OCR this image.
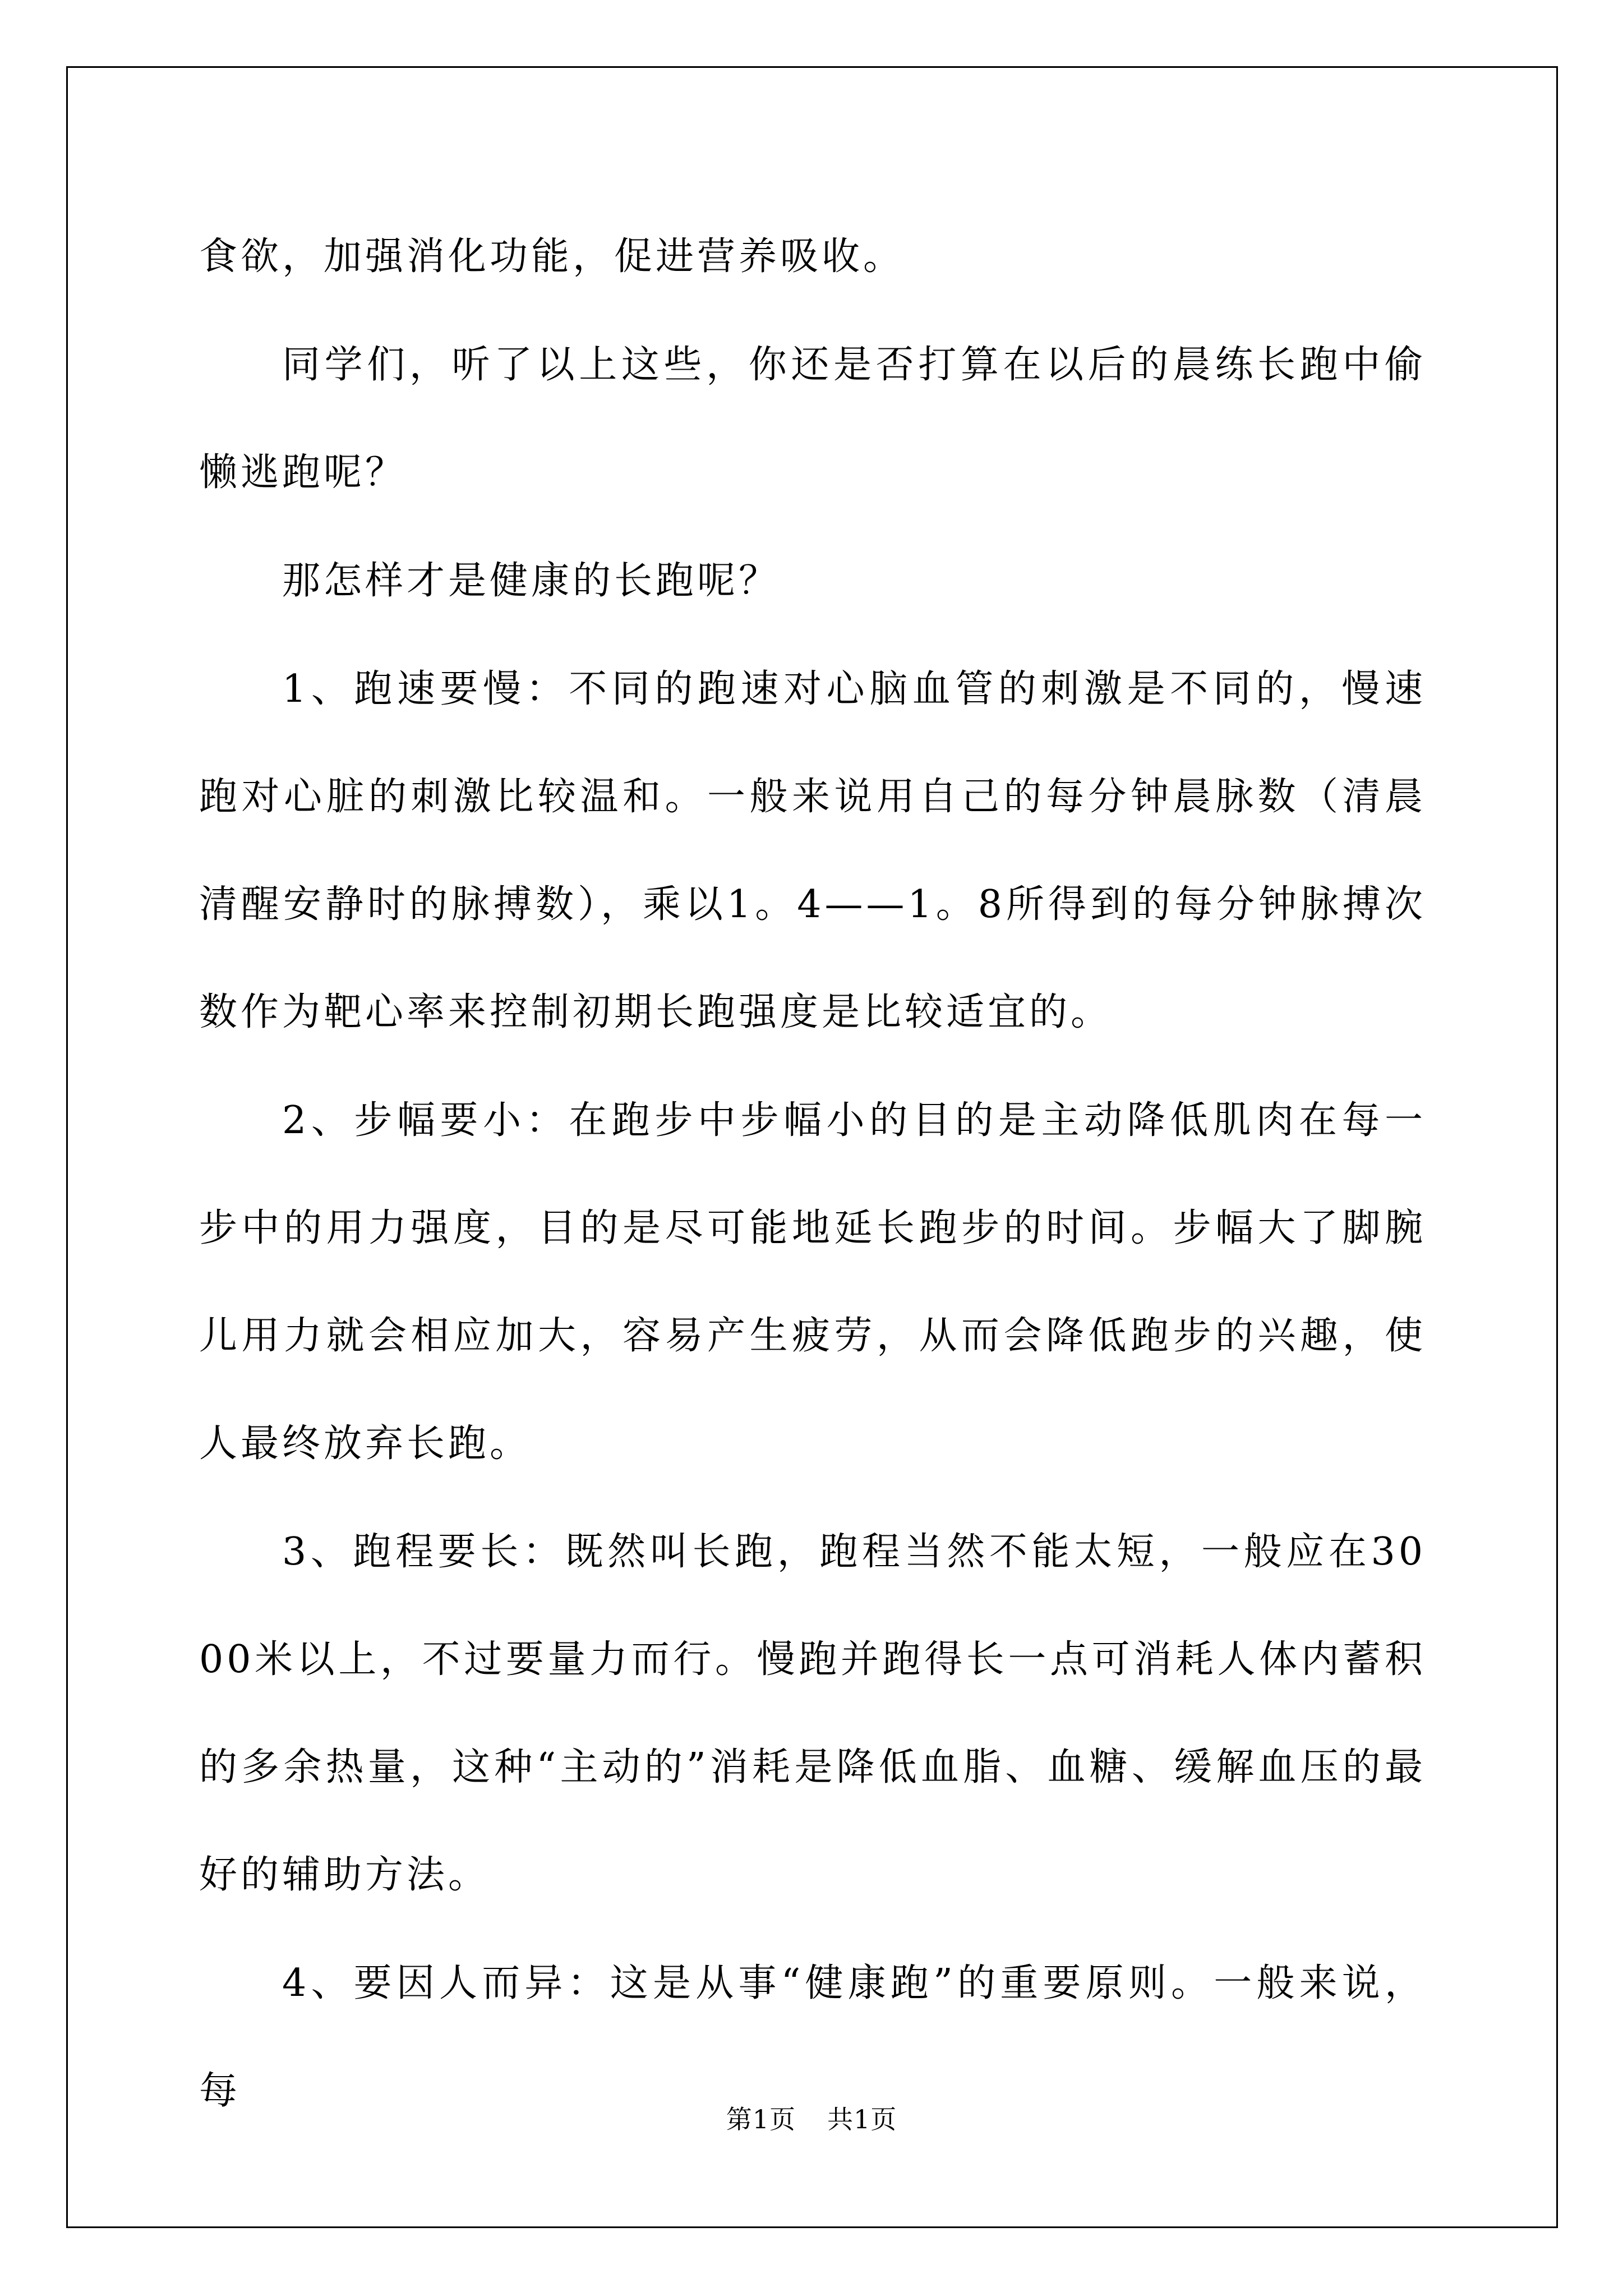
食欲，加强消化功能，促进营养吸收。

同学们，听了以上这些，你还是否打算在以后的晨练长跑中偷懒逃跑呢？

那怎样才是健康的长跑呢？

1、跑速要慢：不同的跑速对心脑血管的刺激是不同的，慢速跑对心脏的刺激比较温和。一般来说用自己的每分钟晨脉数（清晨清醒安静时的脉搏数），乘以1。4——1。8所得到的每分钟脉搏次数作为靶心率来控制初期长跑强度是比较适宜的。

2、步幅要小：在跑步中步幅小的目的是主动降低肌肉在每一步中的用力强度，目的是尽可能地延长跑步的时间。步幅大了脚腕儿用力就会相应加大，容易产生疲劳，从而会降低跑步的兴趣，使人最终放弃长跑。

3、跑程要长：既然叫长跑，跑程当然不能太短，一般应在3000米以上，不过要量力而行。慢跑并跑得长一点可消耗人体内蓄积的多余热量，这种“主动的”消耗是降低血脂、血糖、缓解血压的最好的辅助方法。

4、要因人而异：这是从事“健康跑”的重要原则。一般来说，每

第1页 共1页
